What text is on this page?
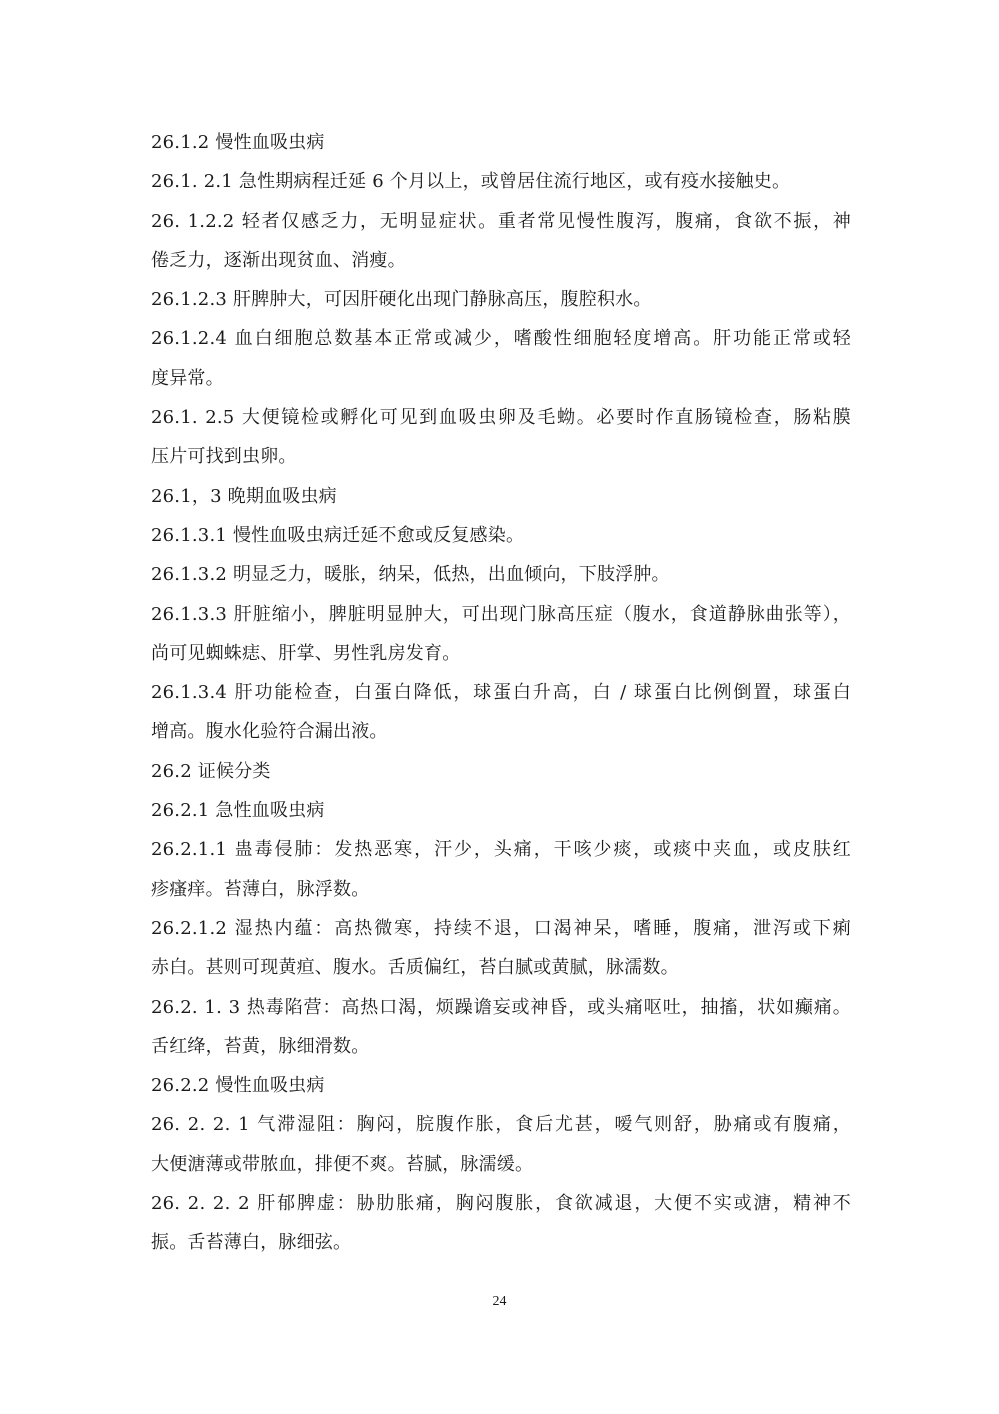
26.1.2 慢性血吸虫病
26.1. 2.1 急性期病程迁延 6 个月以上，或曾居住流行地区，或有疫水接触史。
26. 1.2.2 轻者仅感乏力，无明显症状。重者常见慢性腹泻，腹痛，食欲不振，神
倦乏力，逐渐出现贫血、消瘦。
26.1.2.3 肝脾肿大，可因肝硬化出现门静脉高压，腹腔积水。
26.1.2.4 血白细胞总数基本正常或减少，嗜酸性细胞轻度增高。肝功能正常或轻
度异常。
26.1. 2.5 大便镜检或孵化可见到血吸虫卵及毛蚴。必要时作直肠镜检查，肠粘膜
压片可找到虫卵。
26.1，3 晚期血吸虫病
26.1.3.1 慢性血吸虫病迁延不愈或反复感染。
26.1.3.2 明显乏力，暖胀，纳呆，低热，出血倾向，下肢浮肿。
26.1.3.3 肝脏缩小，脾脏明显肿大，可出现门脉高压症（腹水，食道静脉曲张等），
尚可见蜘蛛痣、肝掌、男性乳房发育。
26.1.3.4 肝功能检查，白蛋白降低，球蛋白升高，白 / 球蛋白比例倒置，球蛋白
增高。腹水化验符合漏出液。
26.2 证候分类
26.2.1 急性血吸虫病
26.2.1.1 蛊毒侵肺：发热恶寒，汗少，头痛，干咳少痰，或痰中夹血，或皮肤红
疹瘙痒。苔薄白，脉浮数。
26.2.1.2 湿热内蕴：高热微寒，持续不退，口渴神呆，嗜睡，腹痛，泄泻或下痢
赤白。甚则可现黄疸、腹水。舌质偏红，苔白腻或黄腻，脉濡数。
26.2. 1. 3 热毒陷营：高热口渴，烦躁谵妄或神昏，或头痛呕吐，抽搐，状如癫痛。
舌红绛，苔黄，脉细滑数。
26.2.2 慢性血吸虫病
26. 2. 2. 1 气滞湿阻：胸闷，脘腹作胀，食后尤甚，嗳气则舒，胁痛或有腹痛，
大便溏薄或带脓血，排便不爽。苔腻，脉濡缓。
26. 2. 2. 2 肝郁脾虚：胁肋胀痛，胸闷腹胀，食欲减退，大便不实或溏，精神不
振。舌苔薄白，脉细弦。
24
